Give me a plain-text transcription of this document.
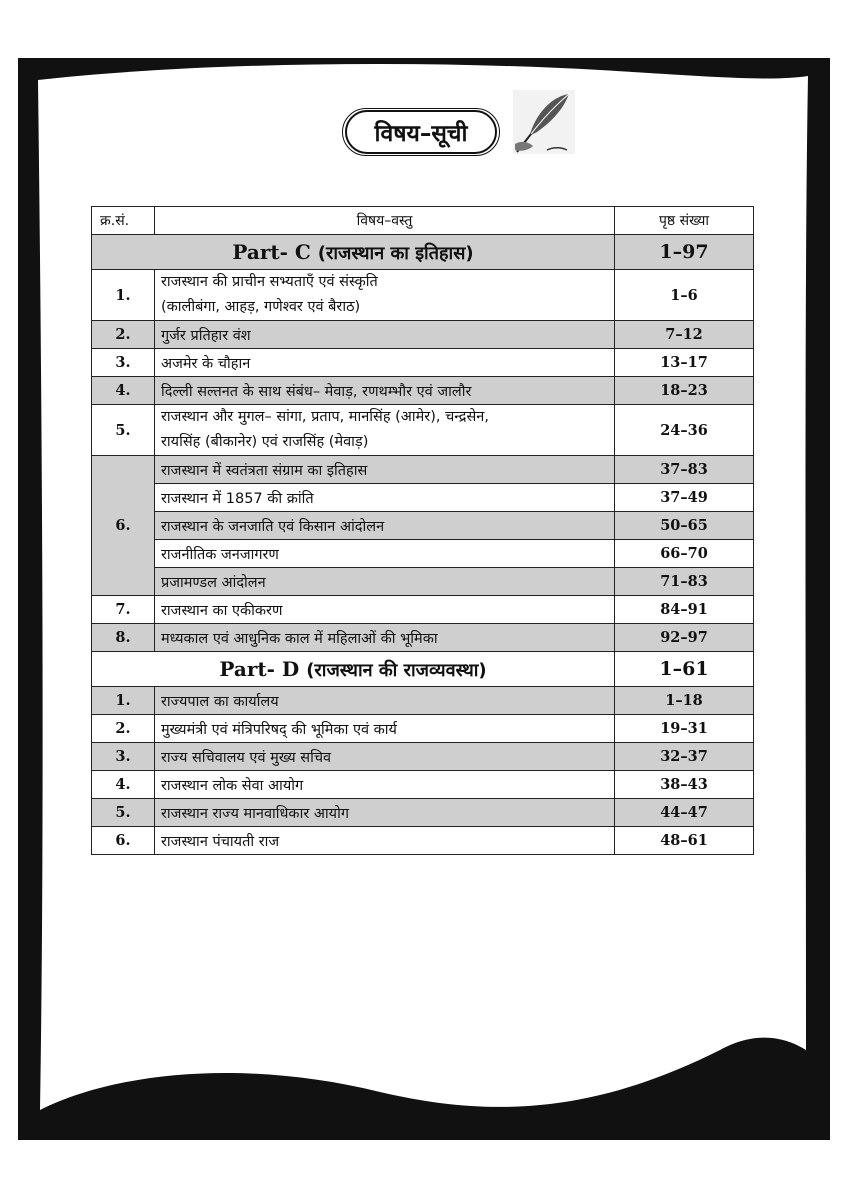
विषय–सूची
क्र.सं.	विषय–वस्तु	पृष्ठ संख्या
Part- C (राजस्थान का इतिहास)		1–97
1.	राजस्थान की प्राचीन सभ्यताएँ एवं संस्कृति
(कालीबंगा, आहड़, गणेश्वर एवं बैराठ)	1–6
2.	गुर्जर प्रतिहार वंश	7–12
3.	अजमेर के चौहान	13–17
4.	दिल्ली सल्तनत के साथ संबंध– मेवाड़, रणथम्भौर एवं जालौर	18–23
5.	राजस्थान और मुगल– सांगा, प्रताप, मानसिंह (आमेर), चन्द्रसेन,
रायसिंह (बीकानेर) एवं राजसिंह (मेवाड़)	24–36
6.	राजस्थान में स्वतंत्रता संग्राम का इतिहास	37–83
	राजस्थान में 1857 की क्रांति	37–49
	राजस्थान के जनजाति एवं किसान आंदोलन	50–65
	राजनीतिक जनजागरण	66–70
	प्रजामण्डल आंदोलन	71–83
7.	राजस्थान का एकीकरण	84–91
8.	मध्यकाल एवं आधुनिक काल में महिलाओं की भूमिका	92–97
Part- D (राजस्थान की राजव्यवस्था)		1–61
1.	राज्यपाल का कार्यालय	1–18
2.	मुख्यमंत्री एवं मंत्रिपरिषद् की भूमिका एवं कार्य	19–31
3.	राज्य सचिवालय एवं मुख्य सचिव	32–37
4.	राजस्थान लोक सेवा आयोग	38–43
5.	राजस्थान राज्य मानवाधिकार आयोग	44–47
6.	राजस्थान पंचायती राज	48–61
